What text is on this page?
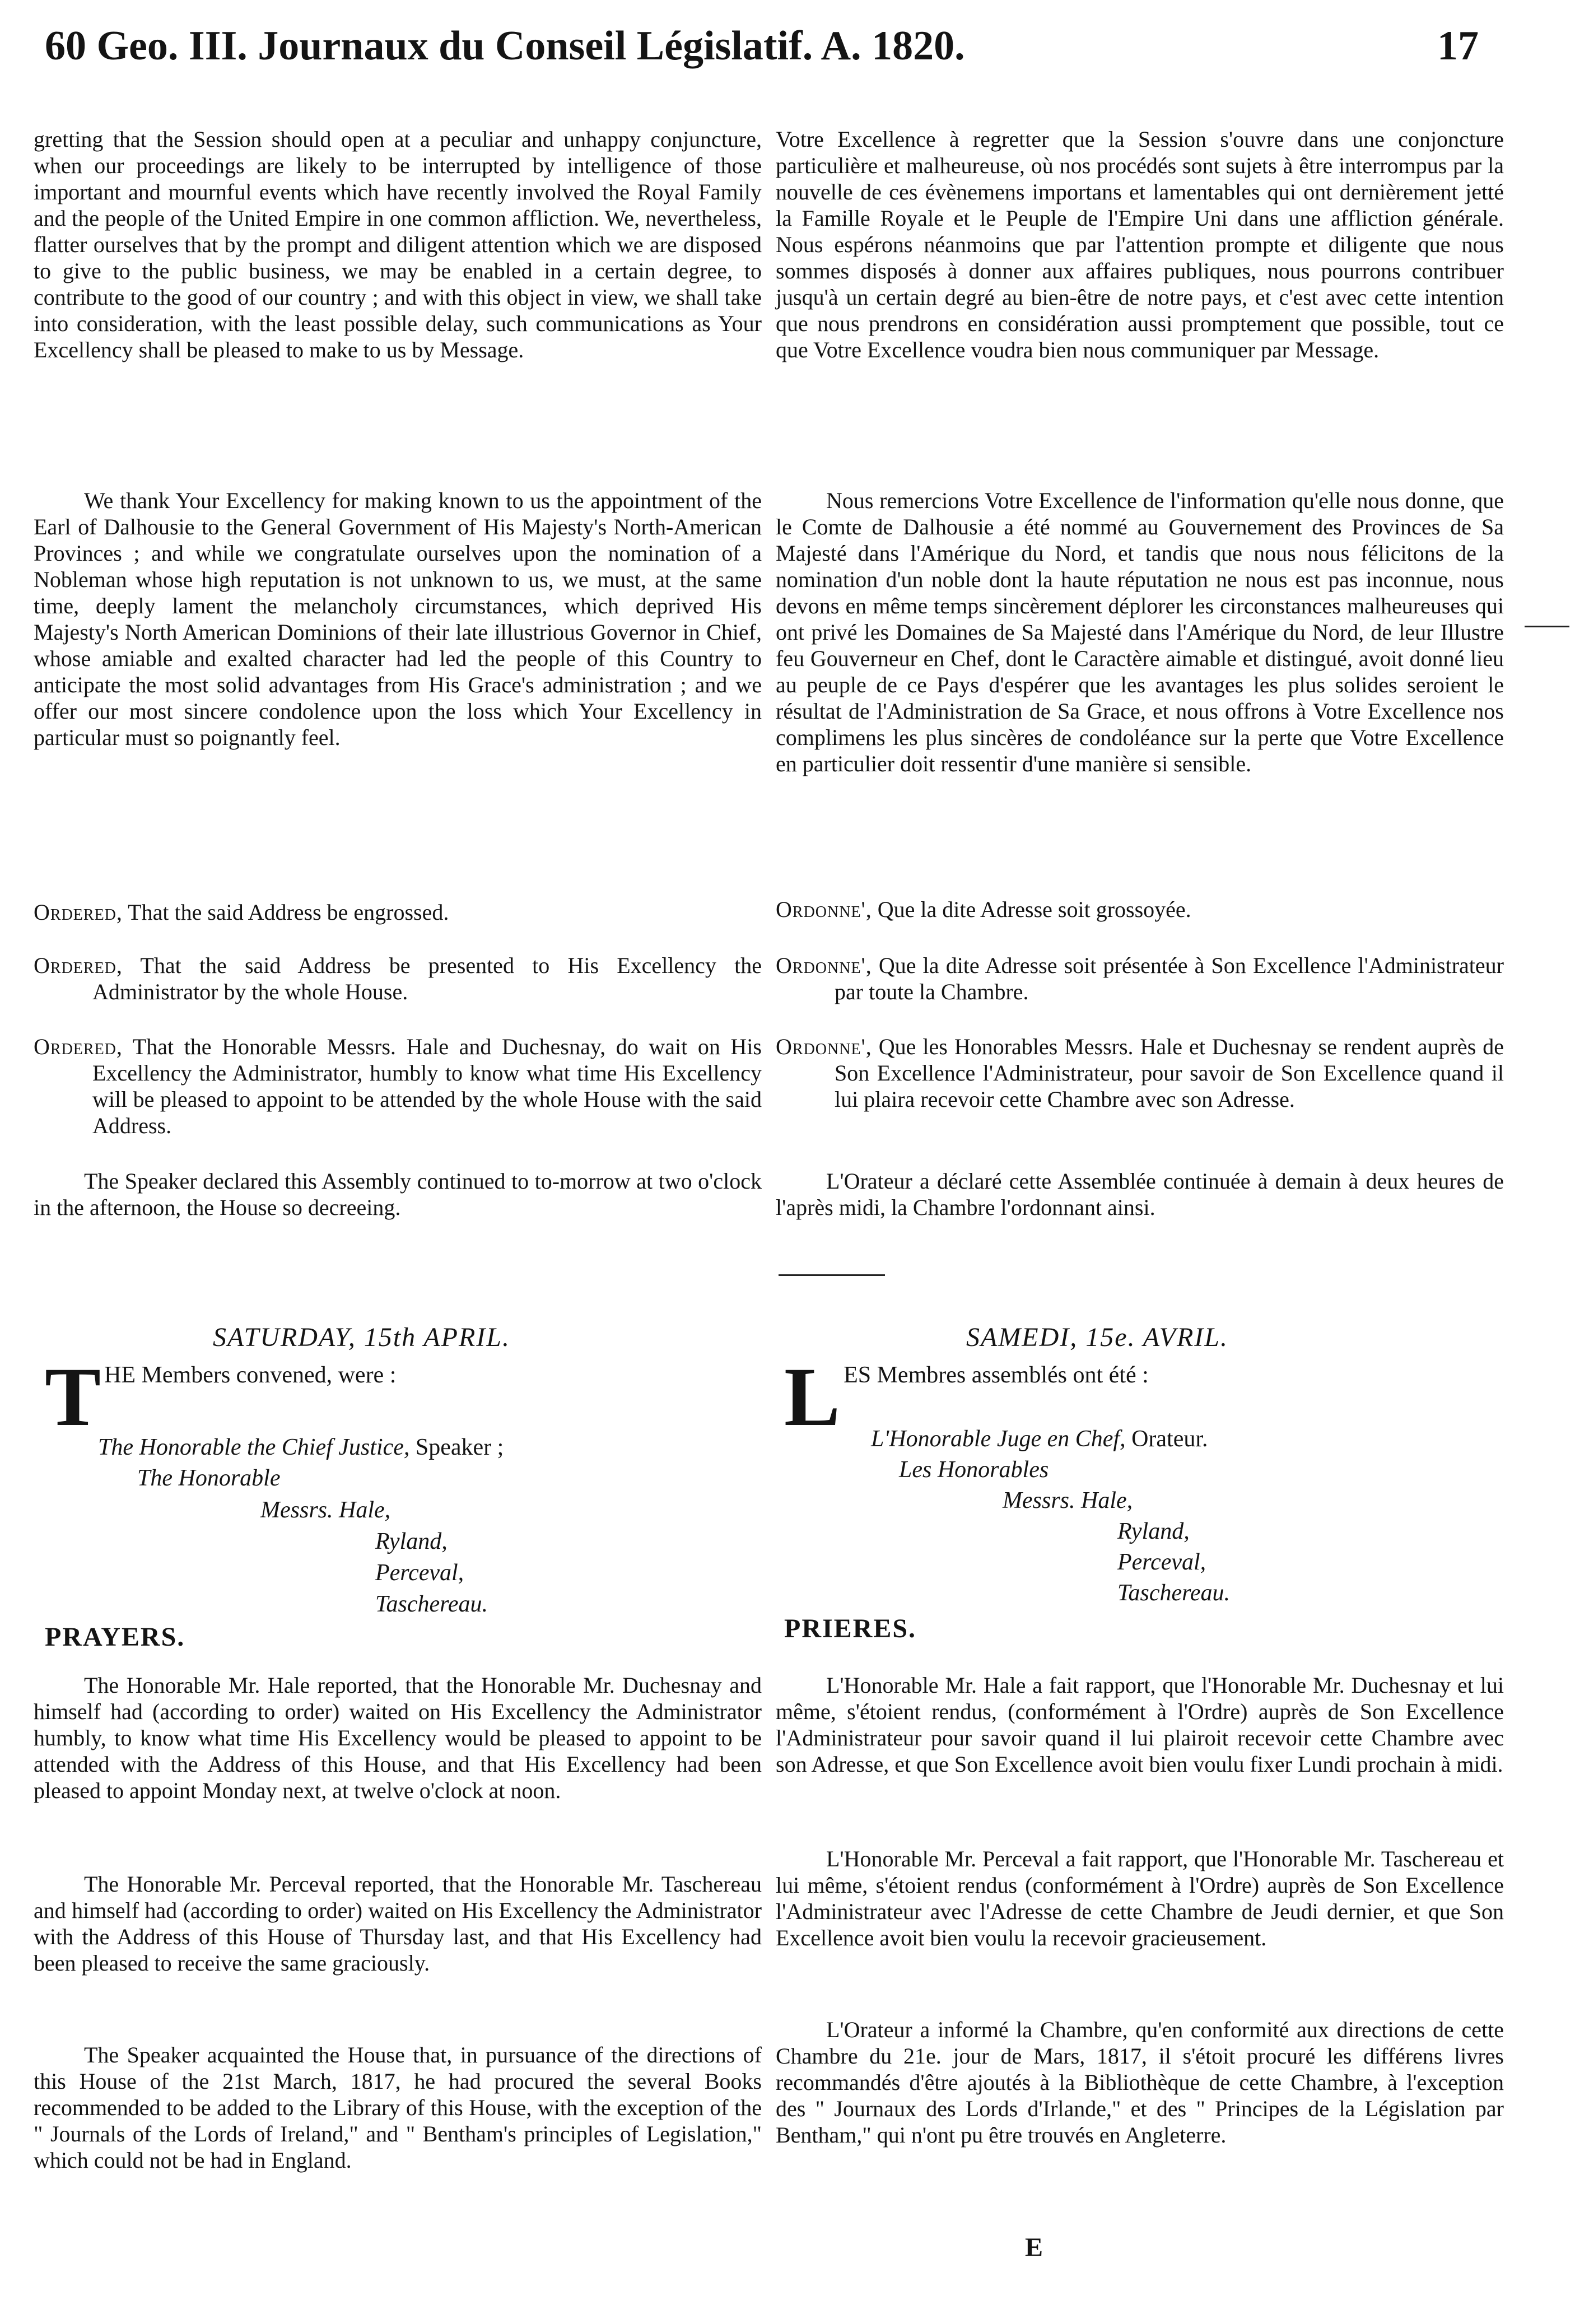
60 Geo. III. Journaux du Conseil Législatif. A. 1820.	17

gretting that the Session should open at a peculiar and unhappy conjuncture, when our proceedings are likely to be interrupted by intelligence of those important and mournful events which have recently involved the Royal Family and the people of the United Empire in one common affliction. We, nevertheless, flatter ourselves that by the prompt and diligent attention which we are disposed to give to the public business, we may be enabled in a certain degree, to contribute to the good of our country ; and with this object in view, we shall take into consideration, with the least possible delay, such communications as Your Excellency shall be pleased to make to us by Message.

We thank Your Excellency for making known to us the appointment of the Earl of Dalhousie to the General Government of His Majesty's North-American Provinces ; and while we congratulate ourselves upon the nomination of a Nobleman whose high reputation is not unknown to us, we must, at the same time, deeply lament the melancholy circumstances, which deprived His Majesty's North American Dominions of their late illustrious Governor in Chief, whose amiable and exalted character had led the people of this Country to anticipate the most solid advantages from His Grace's administration ; and we offer our most sincere condolence upon the loss which Your Excellency in particular must so poignantly feel.

Ordered, That the said Address be engrossed.

Ordered, That the said Address be presented to His Excellency the Administrator by the whole House.

Ordered, That the Honorable Messrs. Hale and Duchesnay, do wait on His Excellency the Administrator, humbly to know what time His Excellency will be pleased to appoint to be attended by the whole House with the said Address.

The Speaker declared this Assembly continued to to-morrow at two o'clock in the afternoon, the House so decreeing.

SATURDAY, 15th APRIL.
THE Members convened, were :
The Honorable the Chief Justice, Speaker ;
The Honorable
Messrs. Hale,
Ryland,
Perceval,
Taschereau.
PRAYERS.

The Honorable Mr. Hale reported, that the Honorable Mr. Duchesnay and himself had (according to order) waited on His Excellency the Administrator humbly, to know what time His Excellency would be pleased to appoint to be attended with the Address of this House, and that His Excellency had been pleased to appoint Monday next, at twelve o'clock at noon.

The Honorable Mr. Perceval reported, that the Honorable Mr. Taschereau and himself had (according to order) waited on His Excellency the Administrator with the Address of this House of Thursday last, and that His Excellency had been pleased to receive the same graciously.

The Speaker acquainted the House that, in pursuance of the directions of this House of the 21st March, 1817, he had procured the several Books recommended to be added to the Library of this House, with the exception of the " Journals of the Lords of Ireland," and " Bentham's principles of Legislation," which could not be had in England.

Votre Excellence à regretter que la Session s'ouvre dans une conjoncture particulière et malheureuse, où nos procédés sont sujets à être interrompus par la nouvelle de ces évènemens importans et lamentables qui ont dernièrement jetté la Famille Royale et le Peuple de l'Empire Uni dans une affliction générale. Nous espérons néanmoins que par l'attention prompte et diligente que nous sommes disposés à donner aux affaires publiques, nous pourrons contribuer jusqu'à un certain degré au bien-être de notre pays, et c'est avec cette intention que nous prendrons en considération aussi promptement que possible, tout ce que Votre Excellence voudra bien nous communiquer par Message.

Nous remercions Votre Excellence de l'information qu'elle nous donne, que le Comte de Dalhousie a été nommé au Gouvernement des Provinces de Sa Majesté dans l'Amérique du Nord, et tandis que nous nous félicitons de la nomination d'un noble dont la haute réputation ne nous est pas inconnue, nous devons en même temps sincèrement déplorer les circonstances malheureuses qui ont privé les Domaines de Sa Majesté dans l'Amérique du Nord, de leur Illustre feu Gouverneur en Chef, dont le Caractère aimable et distingué, avoit donné lieu au peuple de ce Pays d'espérer que les avantages les plus solides seroient le résultat de l'Administration de Sa Grace, et nous offrons à Votre Excellence nos complimens les plus sincères de condoléance sur la perte que Votre Excellence en particulier doit ressentir d'une manière si sensible.

Ordonne', Que la dite Adresse soit grossoyée.

Ordonne', Que la dite Adresse soit présentée à Son Excellence l'Administrateur par toute la Chambre.

Ordonne', Que les Honorables Messrs. Hale et Duchesnay se rendent auprès de Son Excellence l'Administrateur, pour savoir de Son Excellence quand il lui plaira recevoir cette Chambre avec son Adresse.

L'Orateur a déclaré cette Assemblée continuée à demain à deux heures de l'après midi, la Chambre l'ordonnant ainsi.

SAMEDI, 15e. AVRIL.
LES Membres assemblés ont été :
L'Honorable Juge en Chef, Orateur.
Les Honorables
Messrs. Hale,
Ryland,
Perceval,
Taschereau.
PRIERES.

L'Honorable Mr. Hale a fait rapport, que l'Honorable Mr. Duchesnay et lui même, s'étoient rendus, (conformément à l'Ordre) auprès de Son Excellence l'Administrateur pour savoir quand il lui plairoit recevoir cette Chambre avec son Adresse, et que Son Excellence avoit bien voulu fixer Lundi prochain à midi.

L'Honorable Mr. Perceval a fait rapport, que l'Honorable Mr. Taschereau et lui même, s'étoient rendus (conformément à l'Ordre) auprès de Son Excellence l'Administrateur avec l'Adresse de cette Chambre de Jeudi dernier, et que Son Excellence avoit bien voulu la recevoir gracieusement.

L'Orateur a informé la Chambre, qu'en conformité aux directions de cette Chambre du 21e. jour de Mars, 1817, il s'étoit procuré les différens livres recommandés d'être ajoutés à la Bibliothèque de cette Chambre, à l'exception des " Journaux des Lords d'Irlande," et des " Principes de la Législation par Bentham," qui n'ont pu être trouvés en Angleterre.

E
